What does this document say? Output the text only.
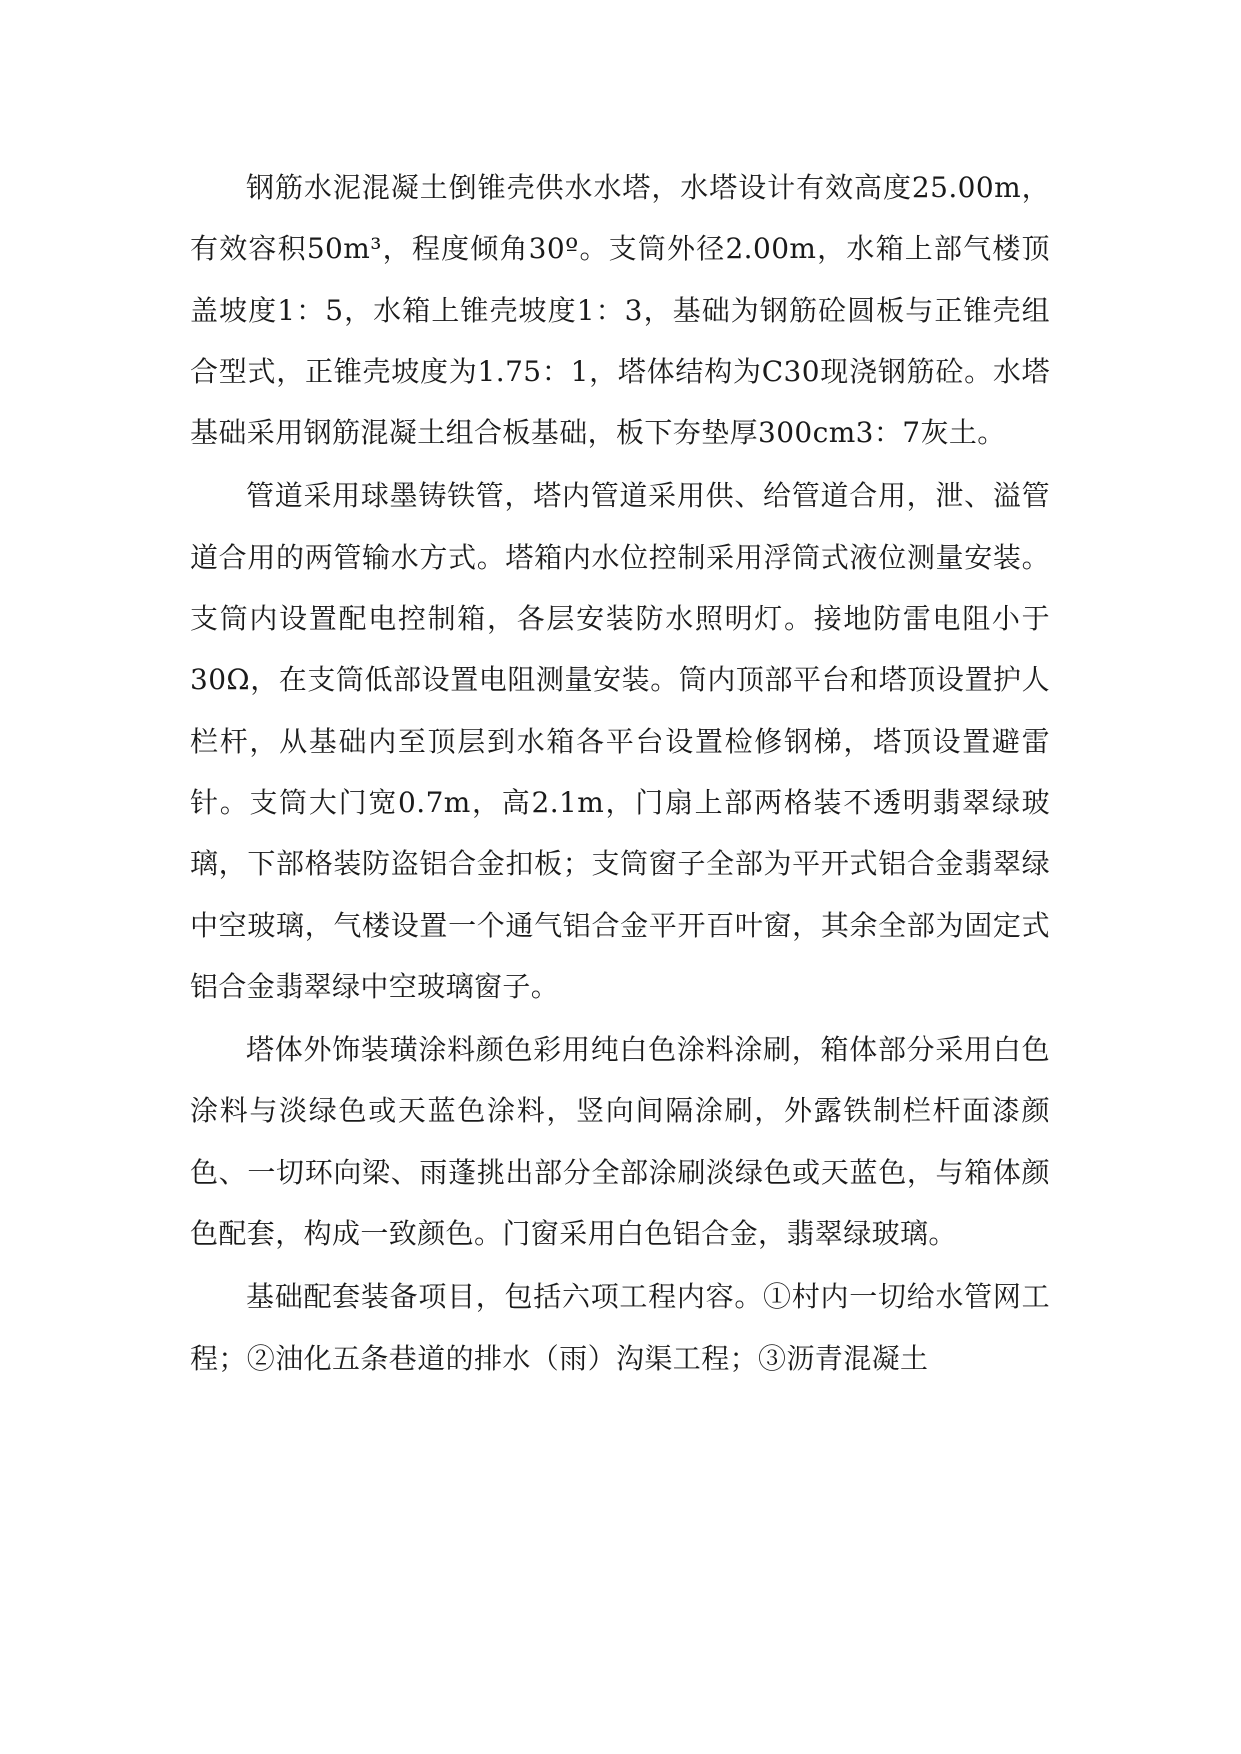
钢筋水泥混凝土倒锥壳供水水塔，水塔设计有效高度25.00m，有效容积50m³，程度倾角30º。支筒外径2.00m，水箱上部气楼顶盖坡度1：5，水箱上锥壳坡度1：3，基础为钢筋砼圆板与正锥壳组合型式，正锥壳坡度为1.75：1，塔体结构为C30现浇钢筋砼。水塔基础采用钢筋混凝土组合板基础，板下夯垫厚300cm3：7灰土。

管道采用球墨铸铁管，塔内管道采用供、给管道合用，泄、溢管道合用的两管输水方式。塔箱内水位控制采用浮筒式液位测量安装。支筒内设置配电控制箱，各层安装防水照明灯。接地防雷电阻小于30Ω，在支筒低部设置电阻测量安装。筒内顶部平台和塔顶设置护人栏杆，从基础内至顶层到水箱各平台设置检修钢梯，塔顶设置避雷针。支筒大门宽0.7m，高2.1m，门扇上部两格装不透明翡翠绿玻璃，下部格装防盗铝合金扣板；支筒窗子全部为平开式铝合金翡翠绿中空玻璃，气楼设置一个通气铝合金平开百叶窗，其余全部为固定式铝合金翡翠绿中空玻璃窗子。

塔体外饰装璜涂料颜色彩用纯白色涂料涂刷，箱体部分采用白色涂料与淡绿色或天蓝色涂料，竖向间隔涂刷，外露铁制栏杆面漆颜色、一切环向梁、雨蓬挑出部分全部涂刷淡绿色或天蓝色，与箱体颜色配套，构成一致颜色。门窗采用白色铝合金，翡翠绿玻璃。

基础配套装备项目，包括六项工程内容。①村内一切给水管网工程；②油化五条巷道的排水（雨）沟渠工程；③沥青混凝土
